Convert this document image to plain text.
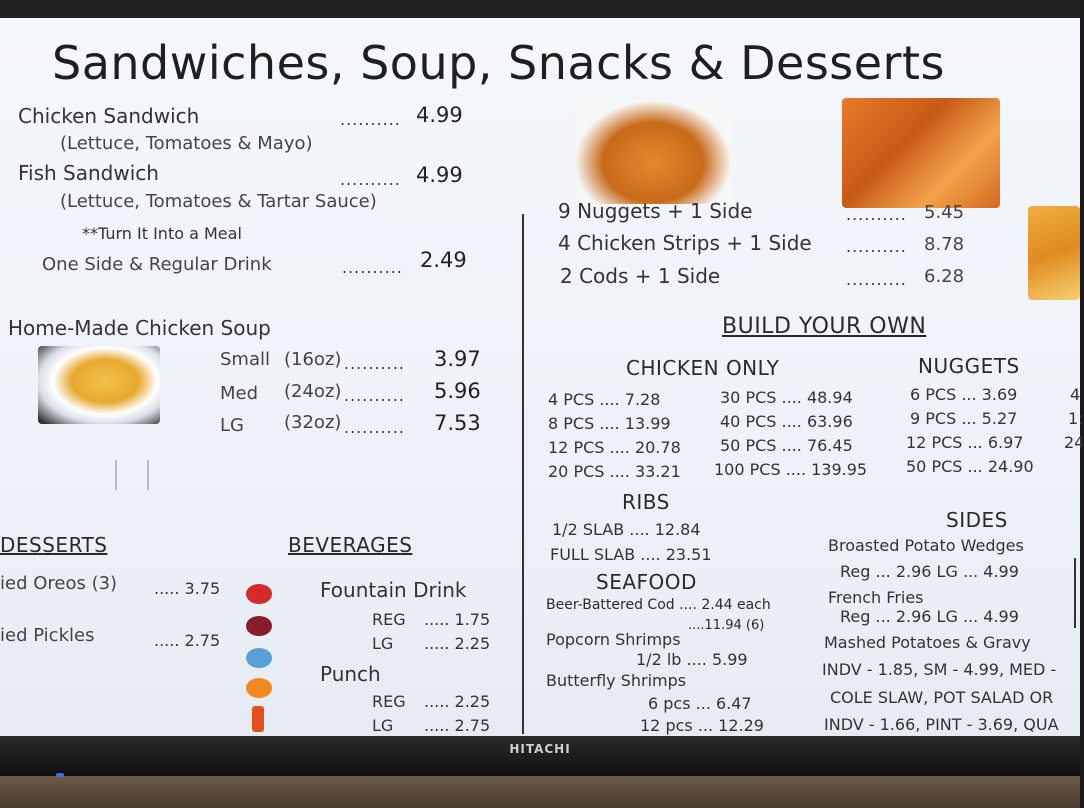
Sandwiches, Soup, Snacks & Desserts
Chicken Sandwich	.......... 4.99
(Lettuce, Tomatoes & Mayo)
Fish Sandwich	.......... 4.99
(Lettuce, Tomatoes & Tartar Sauce)
**Turn It Into a Meal
One Side & Regular Drink	.......... 2.49
Home-Made Chicken Soup
Small (16oz) .......... 3.97
Med (24oz) .......... 5.96
LG (32oz) .......... 7.53
DESSERTS
ied Oreos (3) ..... 3.75
ied Pickles	..... 2.75
BEVERAGES
Fountain Drink
REG ..... 1.75
LG ..... 2.25
Punch
REG ..... 2.25
LG ..... 2.75
9 Nuggets + 1 Side	.......... 5.45
4 Chicken Strips + 1 Side .......... 8.78
2 Cods + 1 Side	.......... 6.28
BUILD YOUR OWN
CHICKEN ONLY
4 PCS .... 7.28
8 PCS .... 13.99
12 PCS .... 20.78
20 PCS .... 33.21
30 PCS .... 48.94
40 PCS .... 63.96
50 PCS .... 76.45
100 PCS .... 139.95
NUGGETS
6 PCS ... 3.69
9 PCS ... 5.27
12 PCS ... 6.97
50 PCS ... 24.90
4
1:
24
RIBS
1/2 SLAB .... 12.84
FULL SLAB .... 23.51
SEAFOOD
Beer-Battered Cod .... 2.44 each
....11.94 (6)
Popcorn Shrimps
1/2 lb .... 5.99
Butterfly Shrimps
6 pcs ... 6.47
12 pcs ... 12.29
SIDES
Broasted Potato Wedges
Reg ... 2.96 LG ... 4.99
French Fries
Reg ... 2.96 LG ... 4.99
Mashed Potatoes & Gravy
INDV - 1.85, SM - 4.99, MED -
COLE SLAW, POT SALAD OR
INDV - 1.66, PINT - 3.69, QUA
HITACHI
